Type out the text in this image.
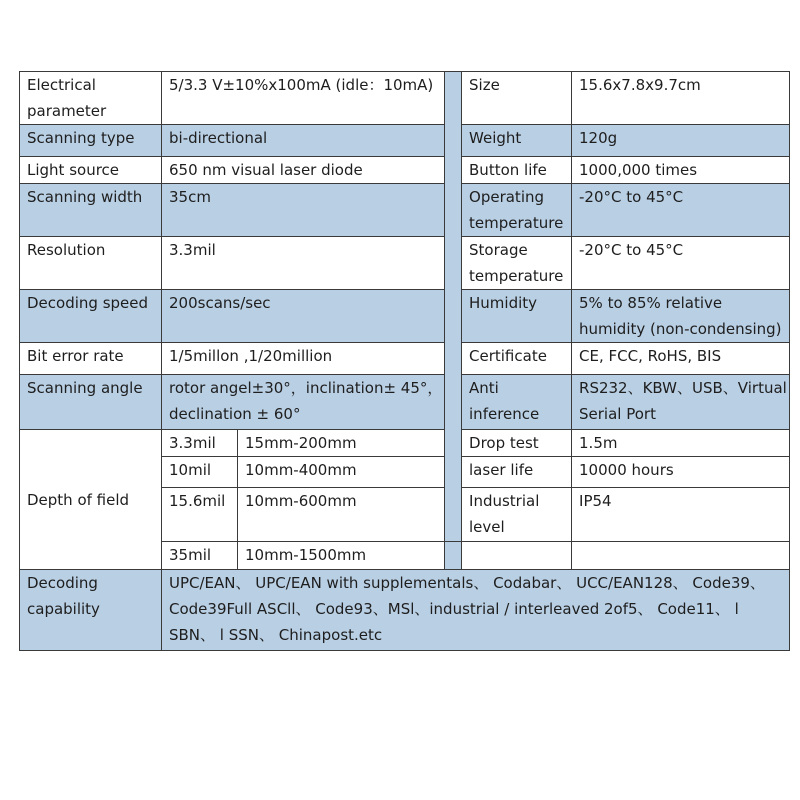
Electrical parameter	5/3.3 V±10%x100mA (idle：10mA)			Size	15.6x7.8x9.7cm
Scanning type	bi-directional			Weight	120g
Light source	650 nm visual laser diode			Button life	1000,000 times
Scanning width	35cm			Operating temperature	-20°C to 45°C
Resolution	3.3mil			Storage temperature	-20°C to 45°C
Decoding speed	200scans/sec			Humidity	5% to 85% relative humidity (non-condensing)
Bit error rate	1/5millon ,1/20million			Certificate	CE, FCC, RoHS, BIS
Scanning angle	rotor angel±30°，inclination± 45°，declination ± 60°			Anti inference	RS232、KBW、USB、Virtual Serial Port
Depth of field	3.3mil	15mm-200mm		Drop test	1.5m
	10mil	10mm-400mm		laser life	10000 hours
	15.6mil	10mm-600mm		Industrial level	IP54
	35mil	10mm-1500mm			
Decoding capability	UPC/EAN、 UPC/EAN with supplementals、 Codabar、 UCC/EAN128、 Code39、 Code39Full ASCll、 Code93、MSl、industrial / interleaved 2of5、 Code11、 l SBN、 l SSN、 Chinapost.etc				
